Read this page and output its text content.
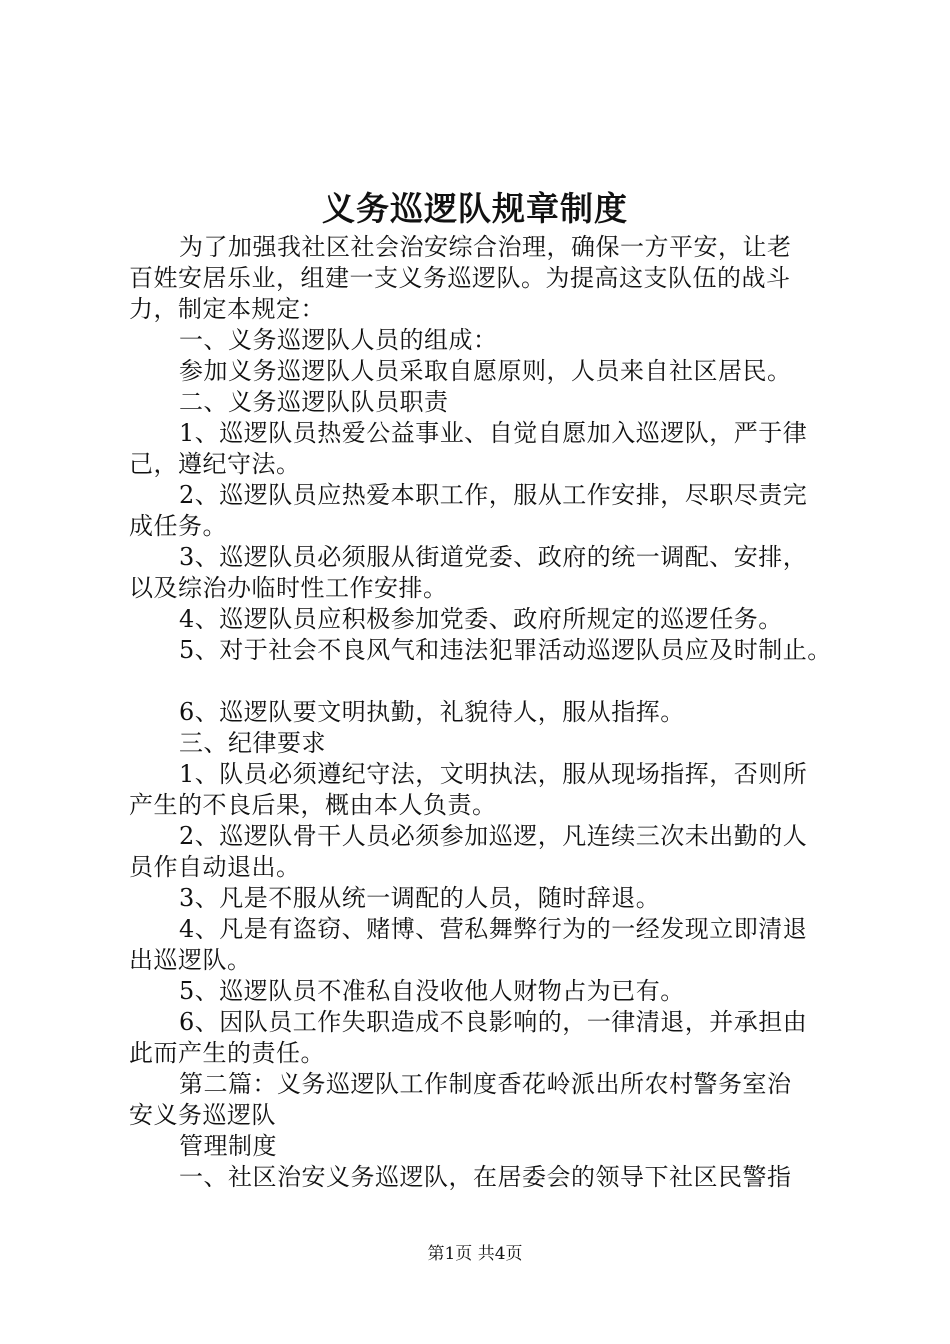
义务巡逻队规章制度
为了加强我社区社会治安综合治理，确保一方平安，让老
百姓安居乐业，组建一支义务巡逻队。为提高这支队伍的战斗
力，制定本规定：
一、义务巡逻队人员的组成：
参加义务巡逻队人员采取自愿原则，人员来自社区居民。
二、义务巡逻队队员职责
1、巡逻队员热爱公益事业、自觉自愿加入巡逻队，严于律
己，遵纪守法。
2、巡逻队员应热爱本职工作，服从工作安排，尽职尽责完
成任务。
3、巡逻队员必须服从街道党委、政府的统一调配、安排，
以及综治办临时性工作安排。
4、巡逻队员应积极参加党委、政府所规定的巡逻任务。
5、对于社会不良风气和违法犯罪活动巡逻队员应及时制止。
6、巡逻队要文明执勤，礼貌待人，服从指挥。
三、纪律要求
1、队员必须遵纪守法，文明执法，服从现场指挥，否则所
产生的不良后果，概由本人负责。
2、巡逻队骨干人员必须参加巡逻，凡连续三次未出勤的人
员作自动退出。
3、凡是不服从统一调配的人员，随时辞退。
4、凡是有盗窃、赌博、营私舞弊行为的一经发现立即清退
出巡逻队。
5、巡逻队员不准私自没收他人财物占为已有。
6、因队员工作失职造成不良影响的，一律清退，并承担由
此而产生的责任。
第二篇：义务巡逻队工作制度香花岭派出所农村警务室治
安义务巡逻队
管理制度
一、社区治安义务巡逻队，在居委会的领导下社区民警指
第1页 共4页
